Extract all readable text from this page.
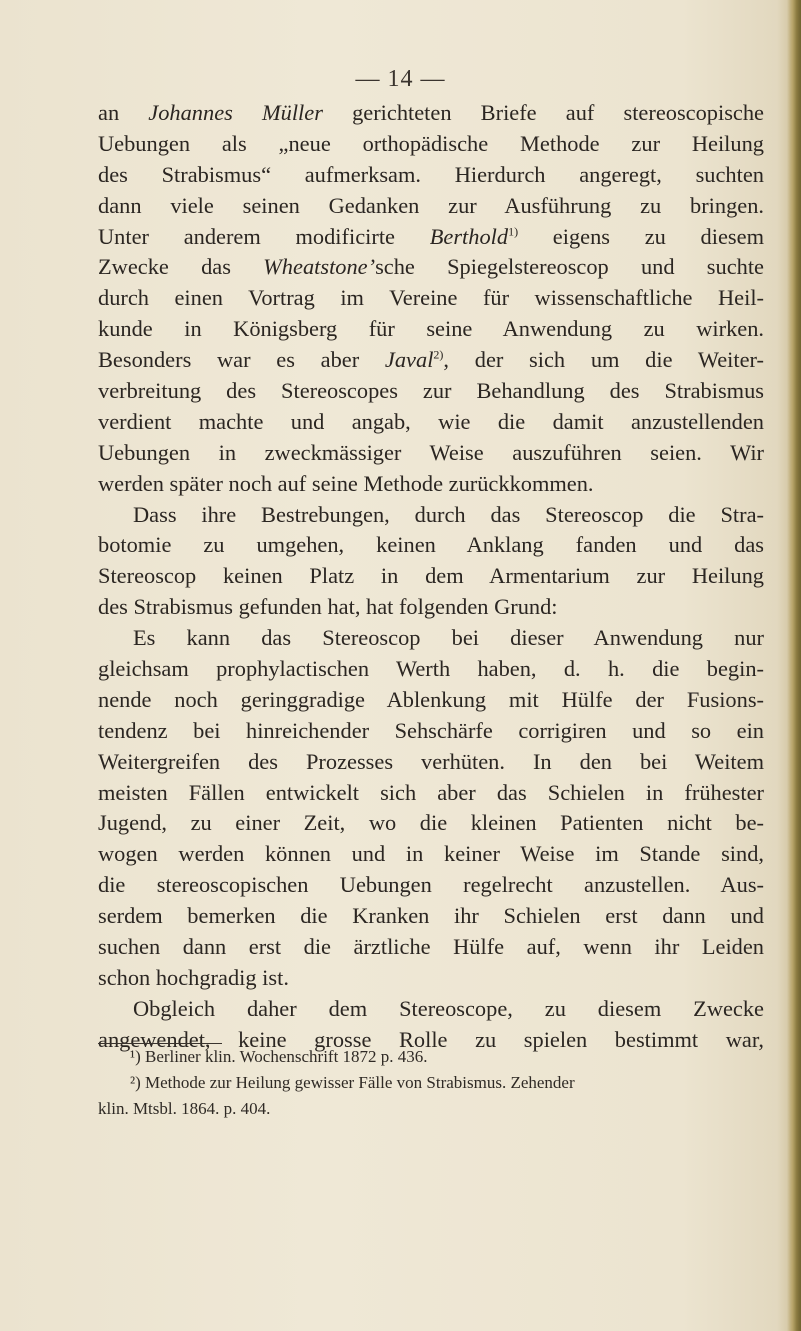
— 14 —
an Johannes Müller gerichteten Briefe auf stereoscopische
Uebungen als „neue orthopädische Methode zur Heilung
des Strabismus“ aufmerksam. Hierdurch angeregt, suchten
dann viele seinen Gedanken zur Ausführung zu bringen.
Unter anderem modificirte Berthold$^{1)}$ eigens zu diesem
Zwecke das Wheatstone’sche Spiegelstereoscop und suchte
durch einen Vortrag im Vereine für wissenschaftliche Heil-
kunde in Königsberg für seine Anwendung zu wirken.
Besonders war es aber Javal$^{2)}$, der sich um die Weiter-
verbreitung des Stereoscopes zur Behandlung des Strabismus
verdient machte und angab, wie die damit anzustellenden
Uebungen in zweckmässiger Weise auszuführen seien. Wir
werden später noch auf seine Methode zurückkommen.
Dass ihre Bestrebungen, durch das Stereoscop die Stra-
botomie zu umgehen, keinen Anklang fanden und das
Stereoscop keinen Platz in dem Armentarium zur Heilung
des Strabismus gefunden hat, hat folgenden Grund:
Es kann das Stereoscop bei dieser Anwendung nur
gleichsam prophylactischen Werth haben, d. h. die begin-
nende noch geringgradige Ablenkung mit Hülfe der Fusions-
tendenz bei hinreichender Sehschärfe corrigiren und so ein
Weitergreifen des Prozesses verhüten. In den bei Weitem
meisten Fällen entwickelt sich aber das Schielen in frühester
Jugend, zu einer Zeit, wo die kleinen Patienten nicht be-
wogen werden können und in keiner Weise im Stande sind,
die stereoscopischen Uebungen regelrecht anzustellen. Aus-
serdem bemerken die Kranken ihr Schielen erst dann und
suchen dann erst die ärztliche Hülfe auf, wenn ihr Leiden
schon hochgradig ist.
Obgleich daher dem Stereoscope, zu diesem Zwecke
angewendet, keine grosse Rolle zu spielen bestimmt war,
¹) Berliner klin. Wochenschrift 1872 p. 436.
²) Methode zur Heilung gewisser Fälle von Strabismus. Zehender
klin. Mtsbl. 1864. p. 404.
